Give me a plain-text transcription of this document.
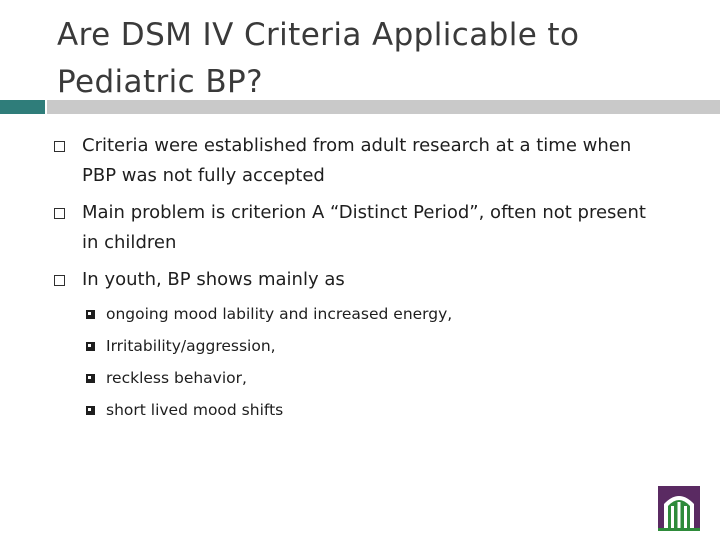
Are DSM IV Criteria Applicable to Pediatric BP?
Criteria were established from adult research at a time when PBP was not fully accepted
Main problem is criterion A “Distinct Period”, often not present in children
In youth, BP shows mainly as
ongoing mood lability and increased energy,
Irritability/aggression,
reckless behavior,
short lived mood shifts
